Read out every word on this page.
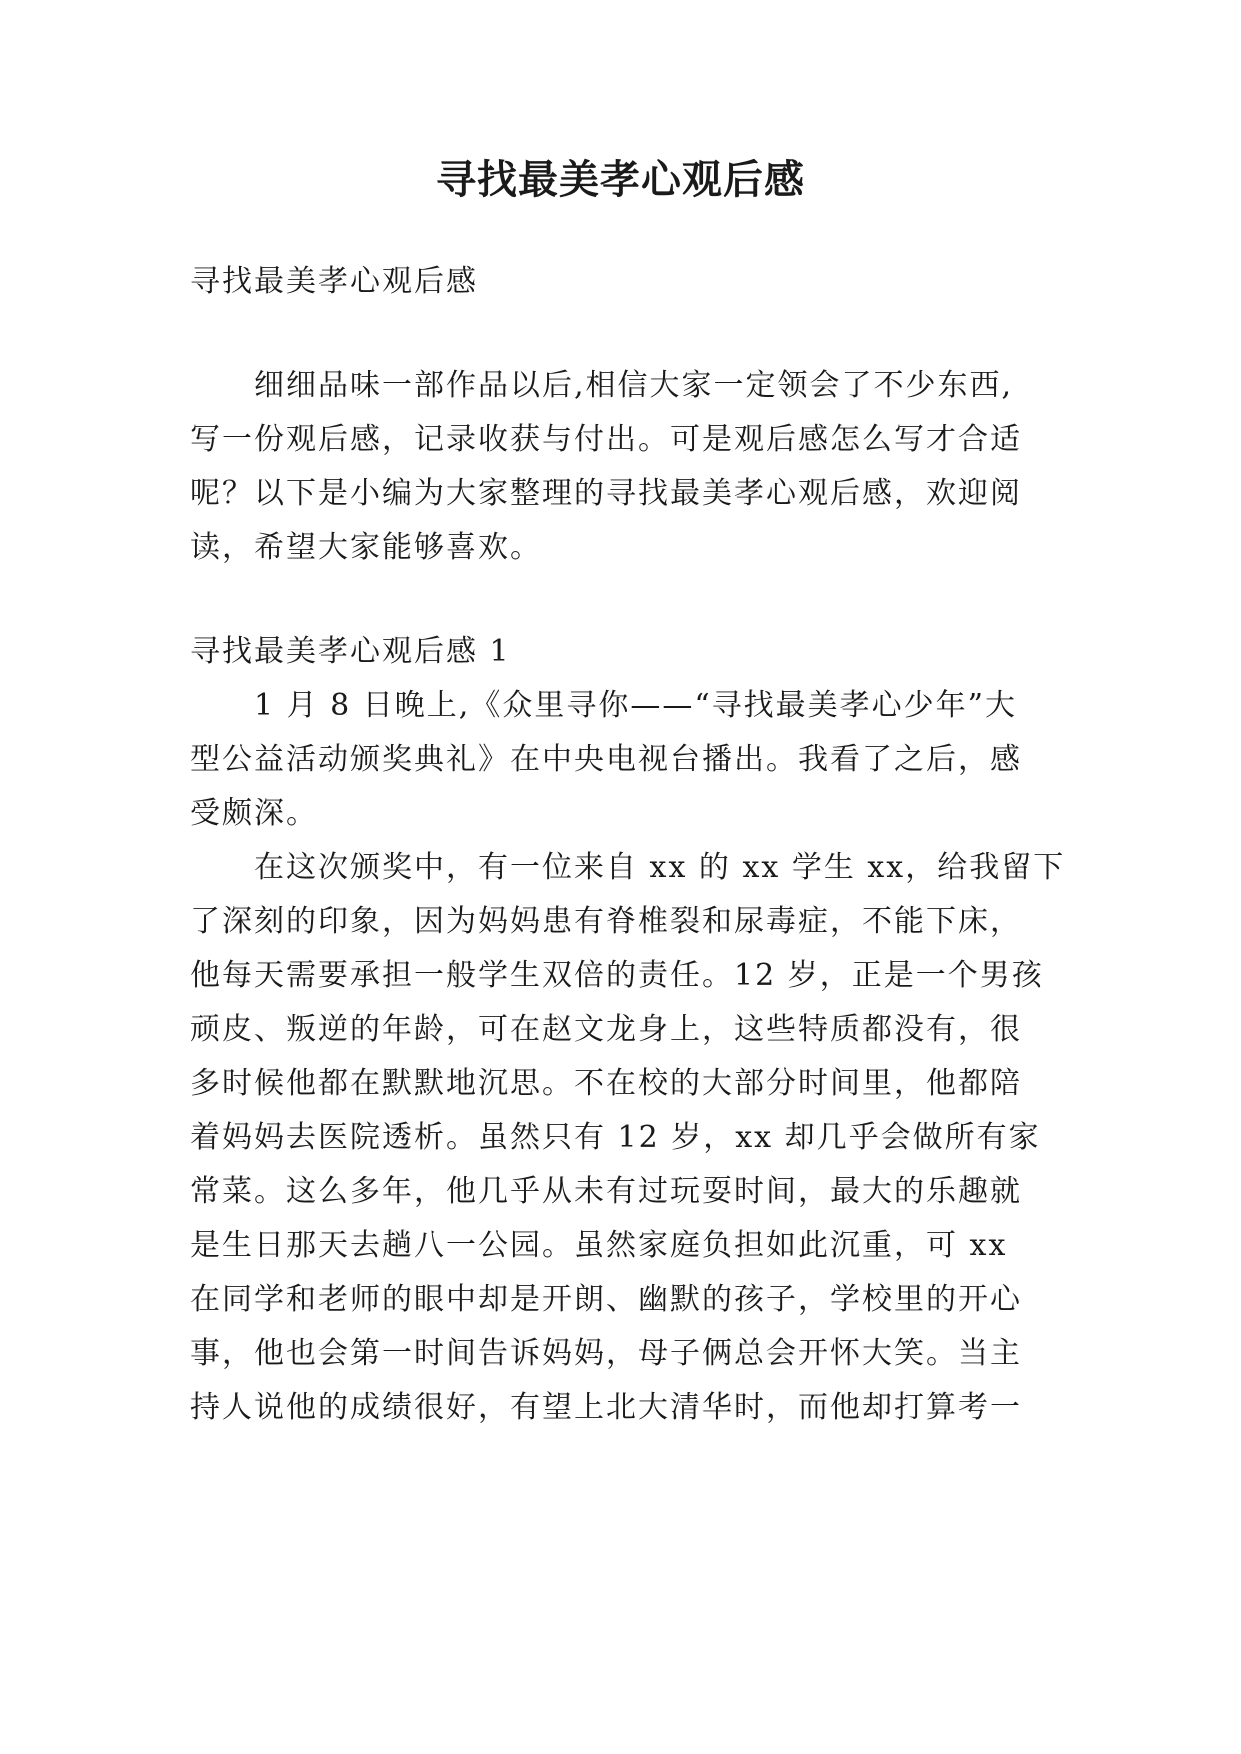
寻找最美孝心观后感
寻找最美孝心观后感
　　细细品味一部作品以后,相信大家一定领会了不少东西,
写一份观后感，记录收获与付出。可是观后感怎么写才合适
呢？以下是小编为大家整理的寻找最美孝心观后感，欢迎阅
读，希望大家能够喜欢。
寻找最美孝心观后感 1
　　1 月 8 日晚上,《众里寻你——“寻找最美孝心少年”大
型公益活动颁奖典礼》在中央电视台播出。我看了之后，感
受颇深。
　　在这次颁奖中，有一位来自 xx 的 xx 学生 xx，给我留下
了深刻的印象，因为妈妈患有脊椎裂和尿毒症，不能下床，
他每天需要承担一般学生双倍的责任。12 岁，正是一个男孩
顽皮、叛逆的年龄，可在赵文龙身上，这些特质都没有，很
多时候他都在默默地沉思。不在校的大部分时间里，他都陪
着妈妈去医院透析。虽然只有 12 岁，xx 却几乎会做所有家
常菜。这么多年，他几乎从未有过玩耍时间，最大的乐趣就
是生日那天去趟八一公园。虽然家庭负担如此沉重，可 xx
在同学和老师的眼中却是开朗、幽默的孩子，学校里的开心
事，他也会第一时间告诉妈妈，母子俩总会开怀大笑。当主
持人说他的成绩很好，有望上北大清华时，而他却打算考一
